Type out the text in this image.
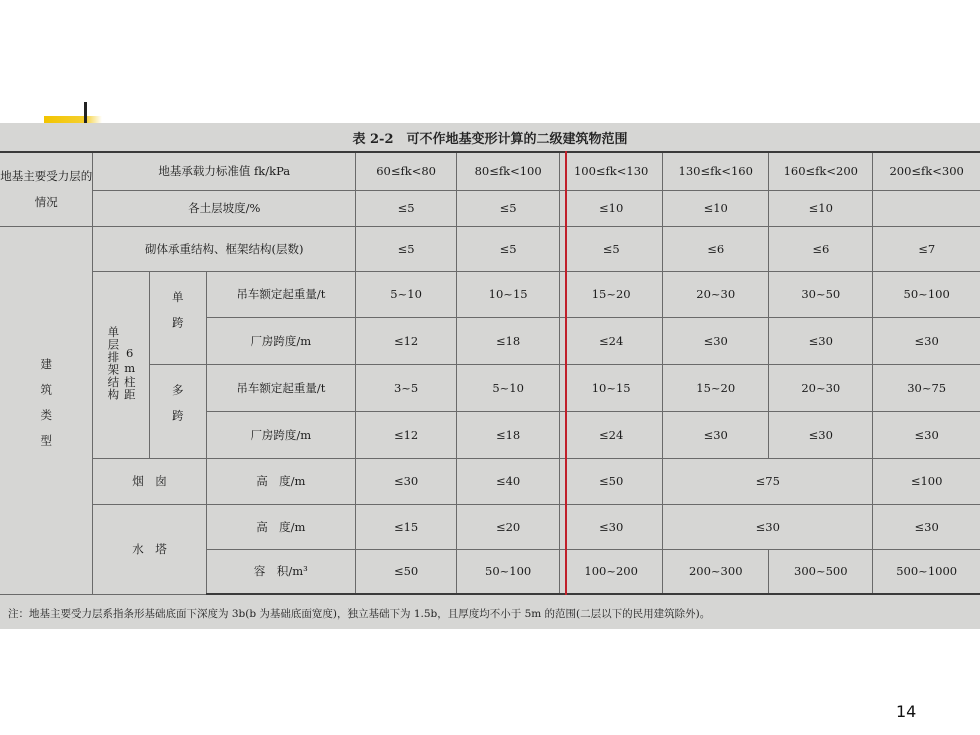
表 2-2　可不作地基变形计算的二级建筑物范围
地基主要受力层的情况	地基承载力标准值 fk/kPa			60≤fk<80	80≤fk<100	100≤fk<130	130≤fk<160	160≤fk<200	200≤fk<300
	各土层坡度/%			≤5	≤5	≤10	≤10	≤10	
建筑类型	砌体承重结构、框架结构(层数)			≤5	≤5	≤5	≤6	≤6	≤7
	单层排架结构 6m柱距	单跨	吊车额定起重量/t	5~10	10~15	15~20	20~30	30~50	50~100
			厂房跨度/m	≤12	≤18	≤24	≤30	≤30	≤30
		多跨	吊车额定起重量/t	3~5	5~10	10~15	15~20	20~30	30~75
			厂房跨度/m	≤12	≤18	≤24	≤30	≤30	≤30
	烟　囱		高　度/m	≤30	≤40	≤50	≤75		≤100
	水　塔		高　度/m	≤15	≤20	≤30	≤30		≤30
			容　积/m³	≤50	50~100	100~200	200~300	300~500	500~1000
注：地基主要受力层系指条形基础底面下深度为 3b(b 为基础底面宽度)，独立基础下为 1.5b，且厚度均不小于 5m 的范围(二层以下的民用建筑除外)。
14
